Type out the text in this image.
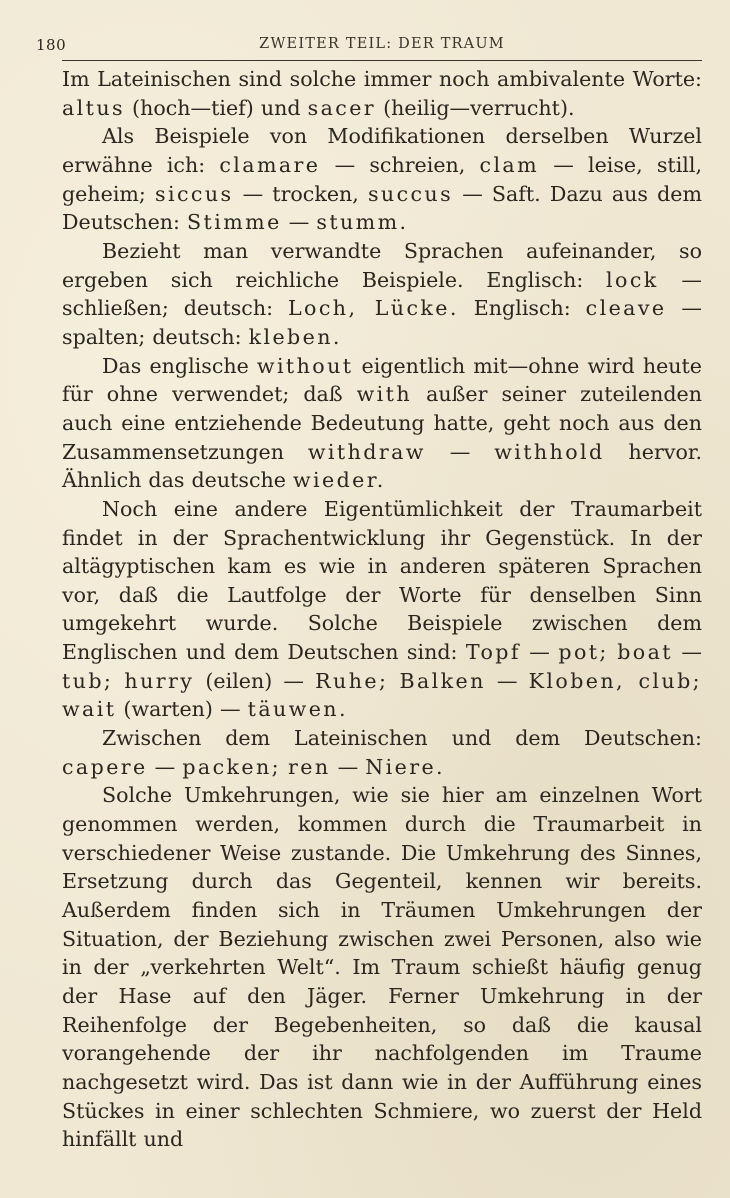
180	ZWEITER TEIL: DER TRAUM

Im Lateinischen sind solche immer noch ambivalente Worte: altus (hoch—tief) und sacer (heilig—verrucht).

Als Beispiele von Modifikationen derselben Wurzel erwähne ich: clamare — schreien, clam — leise, still, geheim; siccus — trocken, succus — Saft. Dazu aus dem Deutschen: Stimme — stumm.

Bezieht man verwandte Sprachen aufeinander, so ergeben sich reichliche Beispiele. Englisch: lock — schließen; deutsch: Loch, Lücke. Englisch: cleave — spalten; deutsch: kleben.

Das englische without eigentlich mit—ohne wird heute für ohne verwendet; daß with außer seiner zuteilenden auch eine entziehende Bedeutung hatte, geht noch aus den Zusammensetzungen withdraw — withhold hervor. Ähnlich das deutsche wieder.

Noch eine andere Eigentümlichkeit der Traumarbeit findet in der Sprachentwicklung ihr Gegenstück. In der altägyptischen kam es wie in anderen späteren Sprachen vor, daß die Lautfolge der Worte für denselben Sinn umgekehrt wurde. Solche Beispiele zwischen dem Englischen und dem Deutschen sind: Topf — pot; boat — tub; hurry (eilen) — Ruhe; Balken — Kloben, club; wait (warten) — täuwen.

Zwischen dem Lateinischen und dem Deutschen: capere — packen; ren — Niere.

Solche Umkehrungen, wie sie hier am einzelnen Wort genommen werden, kommen durch die Traumarbeit in verschiedener Weise zustande. Die Umkehrung des Sinnes, Ersetzung durch das Gegenteil, kennen wir bereits. Außerdem finden sich in Träumen Umkehrungen der Situation, der Beziehung zwischen zwei Personen, also wie in der „verkehrten Welt“. Im Traum schießt häufig genug der Hase auf den Jäger. Ferner Umkehrung in der Reihenfolge der Begebenheiten, so daß die kausal vorangehende der ihr nachfolgenden im Traume nachgesetzt wird. Das ist dann wie in der Aufführung eines Stückes in einer schlechten Schmiere, wo zuerst der Held hinfällt und
